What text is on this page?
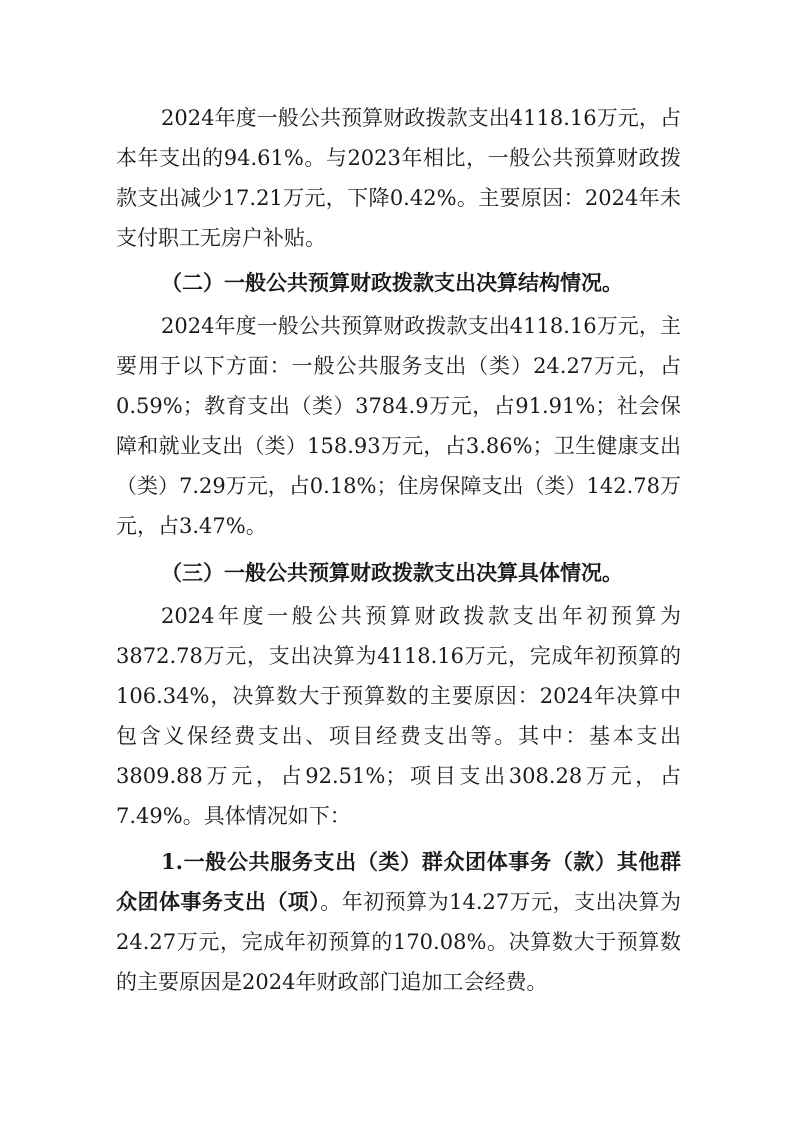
2024年度一般公共预算财政拨款支出4118.16万元，占本年支出的94.61%。与2023年相比，一般公共预算财政拨款支出减少17.21万元，下降0.42%。主要原因：2024年未支付职工无房户补贴。

（二）一般公共预算财政拨款支出决算结构情况。

2024年度一般公共预算财政拨款支出4118.16万元，主要用于以下方面：一般公共服务支出（类）24.27万元，占0.59%；教育支出（类）3784.9万元，占91.91%；社会保障和就业支出（类）158.93万元，占3.86%；卫生健康支出（类）7.29万元，占0.18%；住房保障支出（类）142.78万元，占3.47%。

（三）一般公共预算财政拨款支出决算具体情况。

2024年度一般公共预算财政拨款支出年初预算为3872.78万元，支出决算为4118.16万元，完成年初预算的106.34%，决算数大于预算数的主要原因：2024年决算中包含义保经费支出、项目经费支出等。其中：基本支出3809.88万元，占92.51%；项目支出308.28万元，占7.49%。具体情况如下：

1.一般公共服务支出（类）群众团体事务（款）其他群众团体事务支出（项）。年初预算为14.27万元，支出决算为24.27万元，完成年初预算的170.08%。决算数大于预算数的主要原因是2024年财政部门追加工会经费。
